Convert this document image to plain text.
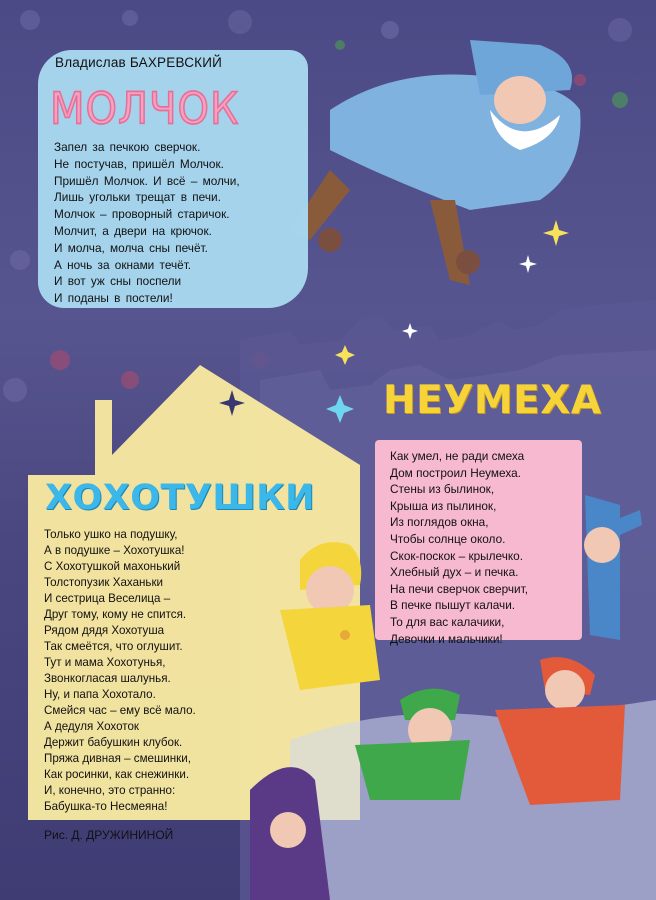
Владислав БАХРЕВСКИЙ
МОЛЧОК
Запел за печкою сверчок.
Не постучав, пришёл Молчок.
Пришёл Молчок. И всё – молчи,
Лишь угольки трещат в печи.
Молчок – проворный старичок.
Молчит, а двери на крючок.
И молча, молча сны печёт.
А ночь за окнами течёт.
И вот уж сны поспели
И поданы в постели!
НЕУМЕХА
Как умел, не ради смеха
Дом построил Неумеха.
Стены из былинок,
Крыша из пылинок,
Из поглядов окна,
Чтобы солнце около.
Скок-поскок – крылечко.
Хлебный дух – и печка.
На печи сверчок сверчит,
В печке пышут калачи.
То для вас калачики,
Девочки и мальчики!
ХОХОТУШКИ
Только ушко на подушку,
А в подушке – Хохотушка!
С Хохотушкой махонький
Толстопузик Хаханьки
И сестрица Веселица –
Друг тому, кому не спится.
Рядом дядя Хохотуша
Так смеётся, что оглушит.
Тут и мама Хохотунья,
Звонкогласая шалунья.
Ну, и папа Хохотало.
Смейся час – ему всё мало.
А дедуля Хохоток
Держит бабушкин клубок.
Пряжа дивная – смешинки,
Как росинки, как снежинки.
И, конечно, это странно:
Бабушка-то Несмеяна!
Рис. Д. ДРУЖИНИНОЙ
